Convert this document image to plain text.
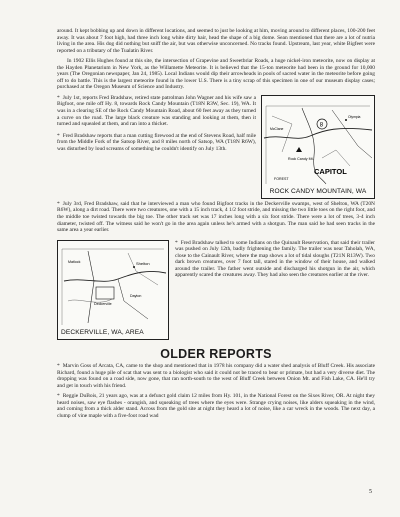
around. It kept bobbing up and down in different locations, and seemed to just be looking at him, moving around to different places, 100-200 feet away. It was about 7 foot high, had three inch long white dirty hair, head the shape of a big dome. Sean mentioned that there are a lot of nutria living in the area. His dog did nothing but sniff the air, but was otherwise unconcerned. No tracks found. Upstream, last year, white Bigfeet were reported on a tributary of the Tualatin River.

In 1902 Ellis Hughes found at this site, the intersection of Grapevine and Sweetbriar Roads, a huge nickel-iron meteorite, now on display at the Hayden Planetarium in New York, as the Willamette Meteorite. It is believed that the 15-ton meteorite had been in the ground for 10,000 years (The Oregonian newspaper, Jan 24, 1985). Local Indians would dip their arrowheads in pools of sacred water in the meteorite before going off to do battle. This is the largest meteorite found in the lower U.S. There is a tiny scrap of this specimen in one of our museum display cases; purchased at the Oregon Museum of Science and Industry.

8
Rock Candy Mt.
CAPITOL
FOREST
McClane
Olympia
ROCK CANDY MOUNTAIN, WA
* July 1st, reports Fred Bradshaw, retired state patrolman John Wagner and his wife saw a Bigfoot, one mile off Hy. 8, towards Rock Candy Mountain (T18N R3W, Sec. 19), WA. It was in a clearing SE of the Rock Candy Mountain Road, about 60 feet away as they turned a curve on the road. The large black creature was standing and looking at them, then it turned and squealed at them, and ran into a thicket.
* Fred Bradshaw reports that a man cutting firewood at the end of Stevens Road, half mile from the Middle Fork of the Satsop River, and 8 miles north of Satsop, WA (T18N R6W), was disturbed by loud screams of something he couldn't identify on July 13th.
* July 3rd, Fred Bradshaw, said that he interviewed a man who found Bigfoot tracks in the Deckerville swamps, west of Shelton, WA (T20N R6W), along a dirt road. There were two creatures, one with a 15 inch track, 4 1/2 foot stride, and missing the two little toes on the right foot, and the middle toe twisted towards the big toe. The other track set was 17 inches long with a six foot stride. There were a lot of trees, 3-4 inch diameter, twisted off. The witness said he won't go in the area again unless he's armed with a shotgun. The man said he had seen tracks in the same area a year earlier.
Shelton
Deckerville
Dayton
Matlock
DECKERVILLE, WA, AREA
* Fred Bradshaw talked to some Indians on the Quinault Reservation, that said their trailer was pushed on July 12th, badly frightening the family. The trailer was near Taholah, WA, close to the Cainault River, where the map shows a lot of tidal sloughs (T21N R13W). Two dark brown creatures, over 7 foot tall, stared in the window of their house, and walked around the trailer. The father went outside and discharged his shotgun in the air, which apparently scared the creatures away. They had also seen the creatures earlier at the river.
OLDER REPORTS
* Marvin Goss of Arcata, CA, came to the shop and mentioned that in 1978 his company did a water shed analysis of Bluff Creek. His associate Richard, found a huge pile of scat that was sent to a biologist who said it could not be traced to bear or primate, but had a very diverse diet. The dropping was found on a road side, now gone, that ran north-south to the west of Bluff Creek between Onion Mt. and Fish Lake, CA. He'll try and get in touch with his friend.
* Reggie DuBois, 21 years ago, was at a defunct gold claim 12 miles from Hy. 101, in the National Forest on the Sixes River, OR. At night they heard noises, saw eye flashes - orangish, and squeaking of trees where the eyes were. Strange crying noises, like alders squeaking in the wind, and coming from a thick alder stand. Across from the gold site at night they heard a lot of noise, like a car wreck in the woods. The next day, a clump of vine maple with a five-foot road wad
5
